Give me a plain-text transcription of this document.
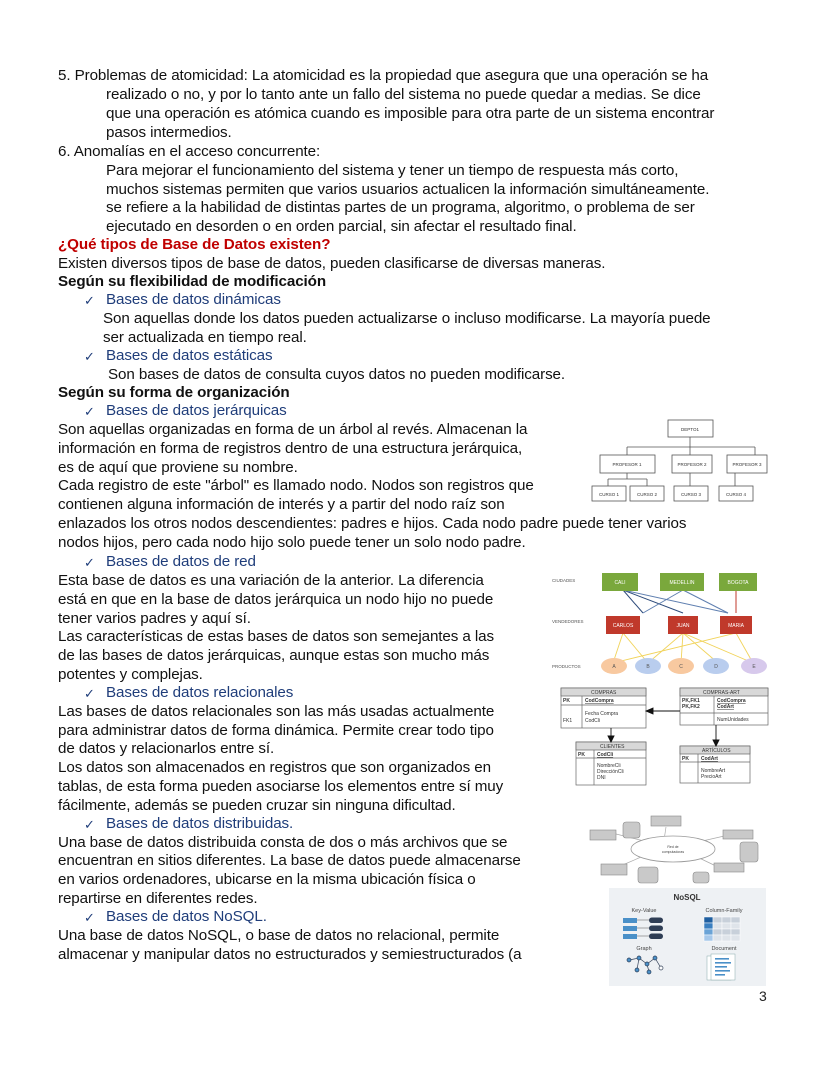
5. Problemas de atomicidad: La atomicidad es la propiedad que asegura que una operación se ha
realizado o no, y por lo tanto ante un fallo del sistema no puede quedar a medias. Se dice
que una operación es atómica cuando es imposible para otra parte de un sistema encontrar
pasos intermedios.
6. Anomalías en el acceso concurrente:
Para mejorar el funcionamiento del sistema y tener un tiempo de respuesta más corto,
muchos sistemas permiten que varios usuarios actualicen la información simultáneamente.
se refiere a la habilidad de distintas partes de un programa, algoritmo, o problema de ser
ejecutado en desorden o en orden parcial, sin afectar el resultado final.
¿Qué tipos de Base de Datos existen?
Existen diversos tipos de base de datos, pueden clasificarse de diversas maneras.
Según su flexibilidad de modificación
✓ Bases de datos dinámicas
Son aquellas donde los datos pueden actualizarse o incluso modificarse. La mayoría puede
ser actualizada en tiempo real.
✓ Bases de datos estáticas
Son bases de datos de consulta cuyos datos no pueden modificarse.
Según su forma de organización
✓ Bases de datos jerárquicas
Son aquellas organizadas en forma de un árbol al revés. Almacenan la
información en forma de registros dentro de una estructura jerárquica,
es de aquí que proviene su nombre.
Cada registro de este "árbol" es llamado nodo. Nodos son registros que
contienen alguna información de interés y a partir del nodo raíz son
enlazados los otros nodos descendientes: padres e hijos. Cada nodo padre puede tener varios
nodos hijos, pero cada nodo hijo solo puede tener un solo nodo padre.
DEPTO1
PROFESOR 1	PROFESOR 2	PROFESOR 3
CURSO 1	CURSO 2	CURSO 3	CURSO 4
✓ Bases de datos de red
Esta base de datos es una variación de la anterior. La diferencia
está en que en la base de datos jerárquica un nodo hijo no puede
tener varios padres y aquí sí.
Las características de estas bases de datos son semejantes a las
de las bases de datos jerárquicas, aunque estas son mucho más
potentes y complejas.
CIUDADES
VENDEDORES
PRODUCTOS
CALI	MEDELLIN	BOGOTA
CARLOS	JUAN	MARIA
A	B	C	D	E
✓ Bases de datos relacionales
Las bases de datos relacionales son las más usadas actualmente
para administrar datos de forma dinámica. Permite crear todo tipo
de datos y relacionarlos entre sí.
Los datos son almacenados en registros que son organizados en
tablas, de esta forma pueden asociarse los elementos entre sí muy
fácilmente, además se pueden cruzar sin ninguna dificultad.
COMPRAS
PK	CodCompra
Fecha Compra
FK1	CodCli
COMPRAS-ART
PK,FK1
PK,FK2
CodCompra
CodArt
NumUnidades
CLIENTES
PK CodCli
NombreCli
DirecciónCli
DNI
ARTÍCULOS
PK CodArt
NombreArt
PrecioArt
✓ Bases de datos distribuidas.
Una base de datos distribuida consta de dos o más archivos que se
encuentran en sitios diferentes. La base de datos puede almacenarse
en varios ordenadores, ubicarse en la misma ubicación física o
repartirse en diferentes redes.
Red de
computadoras
✓ Bases de datos NoSQL.
Una base de datos NoSQL, o base de datos no relacional, permite
almacenar y manipular datos no estructurados y semiestructurados (a
NoSQL
Key-Value	Column-Family
Graph	Document
3
